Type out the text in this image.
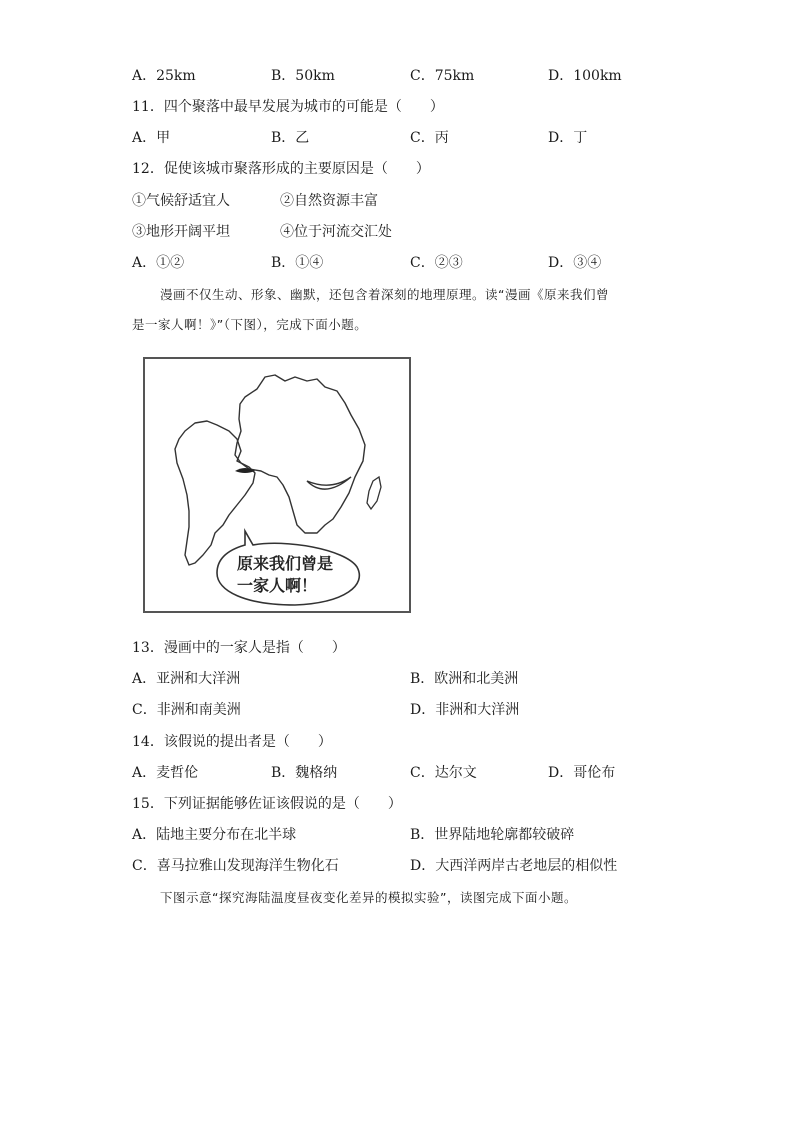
A．25km	B．50km	C．75km	D．100km
11．四个聚落中最早发展为城市的可能是（　　）
A．甲	B．乙	C．丙	D．丁
12．促使该城市聚落形成的主要原因是（　　）
①气候舒适宜人	②自然资源丰富
③地形开阔平坦	④位于河流交汇处
A．①②	B．①④	C．②③	D．③④
漫画不仅生动、形象、幽默，还包含着深刻的地理原理。读“漫画《原来我们曾
是一家人啊！》”（下图），完成下面小题。
原来我们曾是
一家人啊！
13．漫画中的一家人是指（　　）
A．亚洲和大洋洲	B．欧洲和北美洲
C．非洲和南美洲	D．非洲和大洋洲
14．该假说的提出者是（　　）
A．麦哲伦	B．魏格纳	C．达尔文	D．哥伦布
15．下列证据能够佐证该假说的是（　　）
A．陆地主要分布在北半球	B．世界陆地轮廓都较破碎
C．喜马拉雅山发现海洋生物化石	D．大西洋两岸古老地层的相似性
下图示意“探究海陆温度昼夜变化差异的模拟实验”，读图完成下面小题。
